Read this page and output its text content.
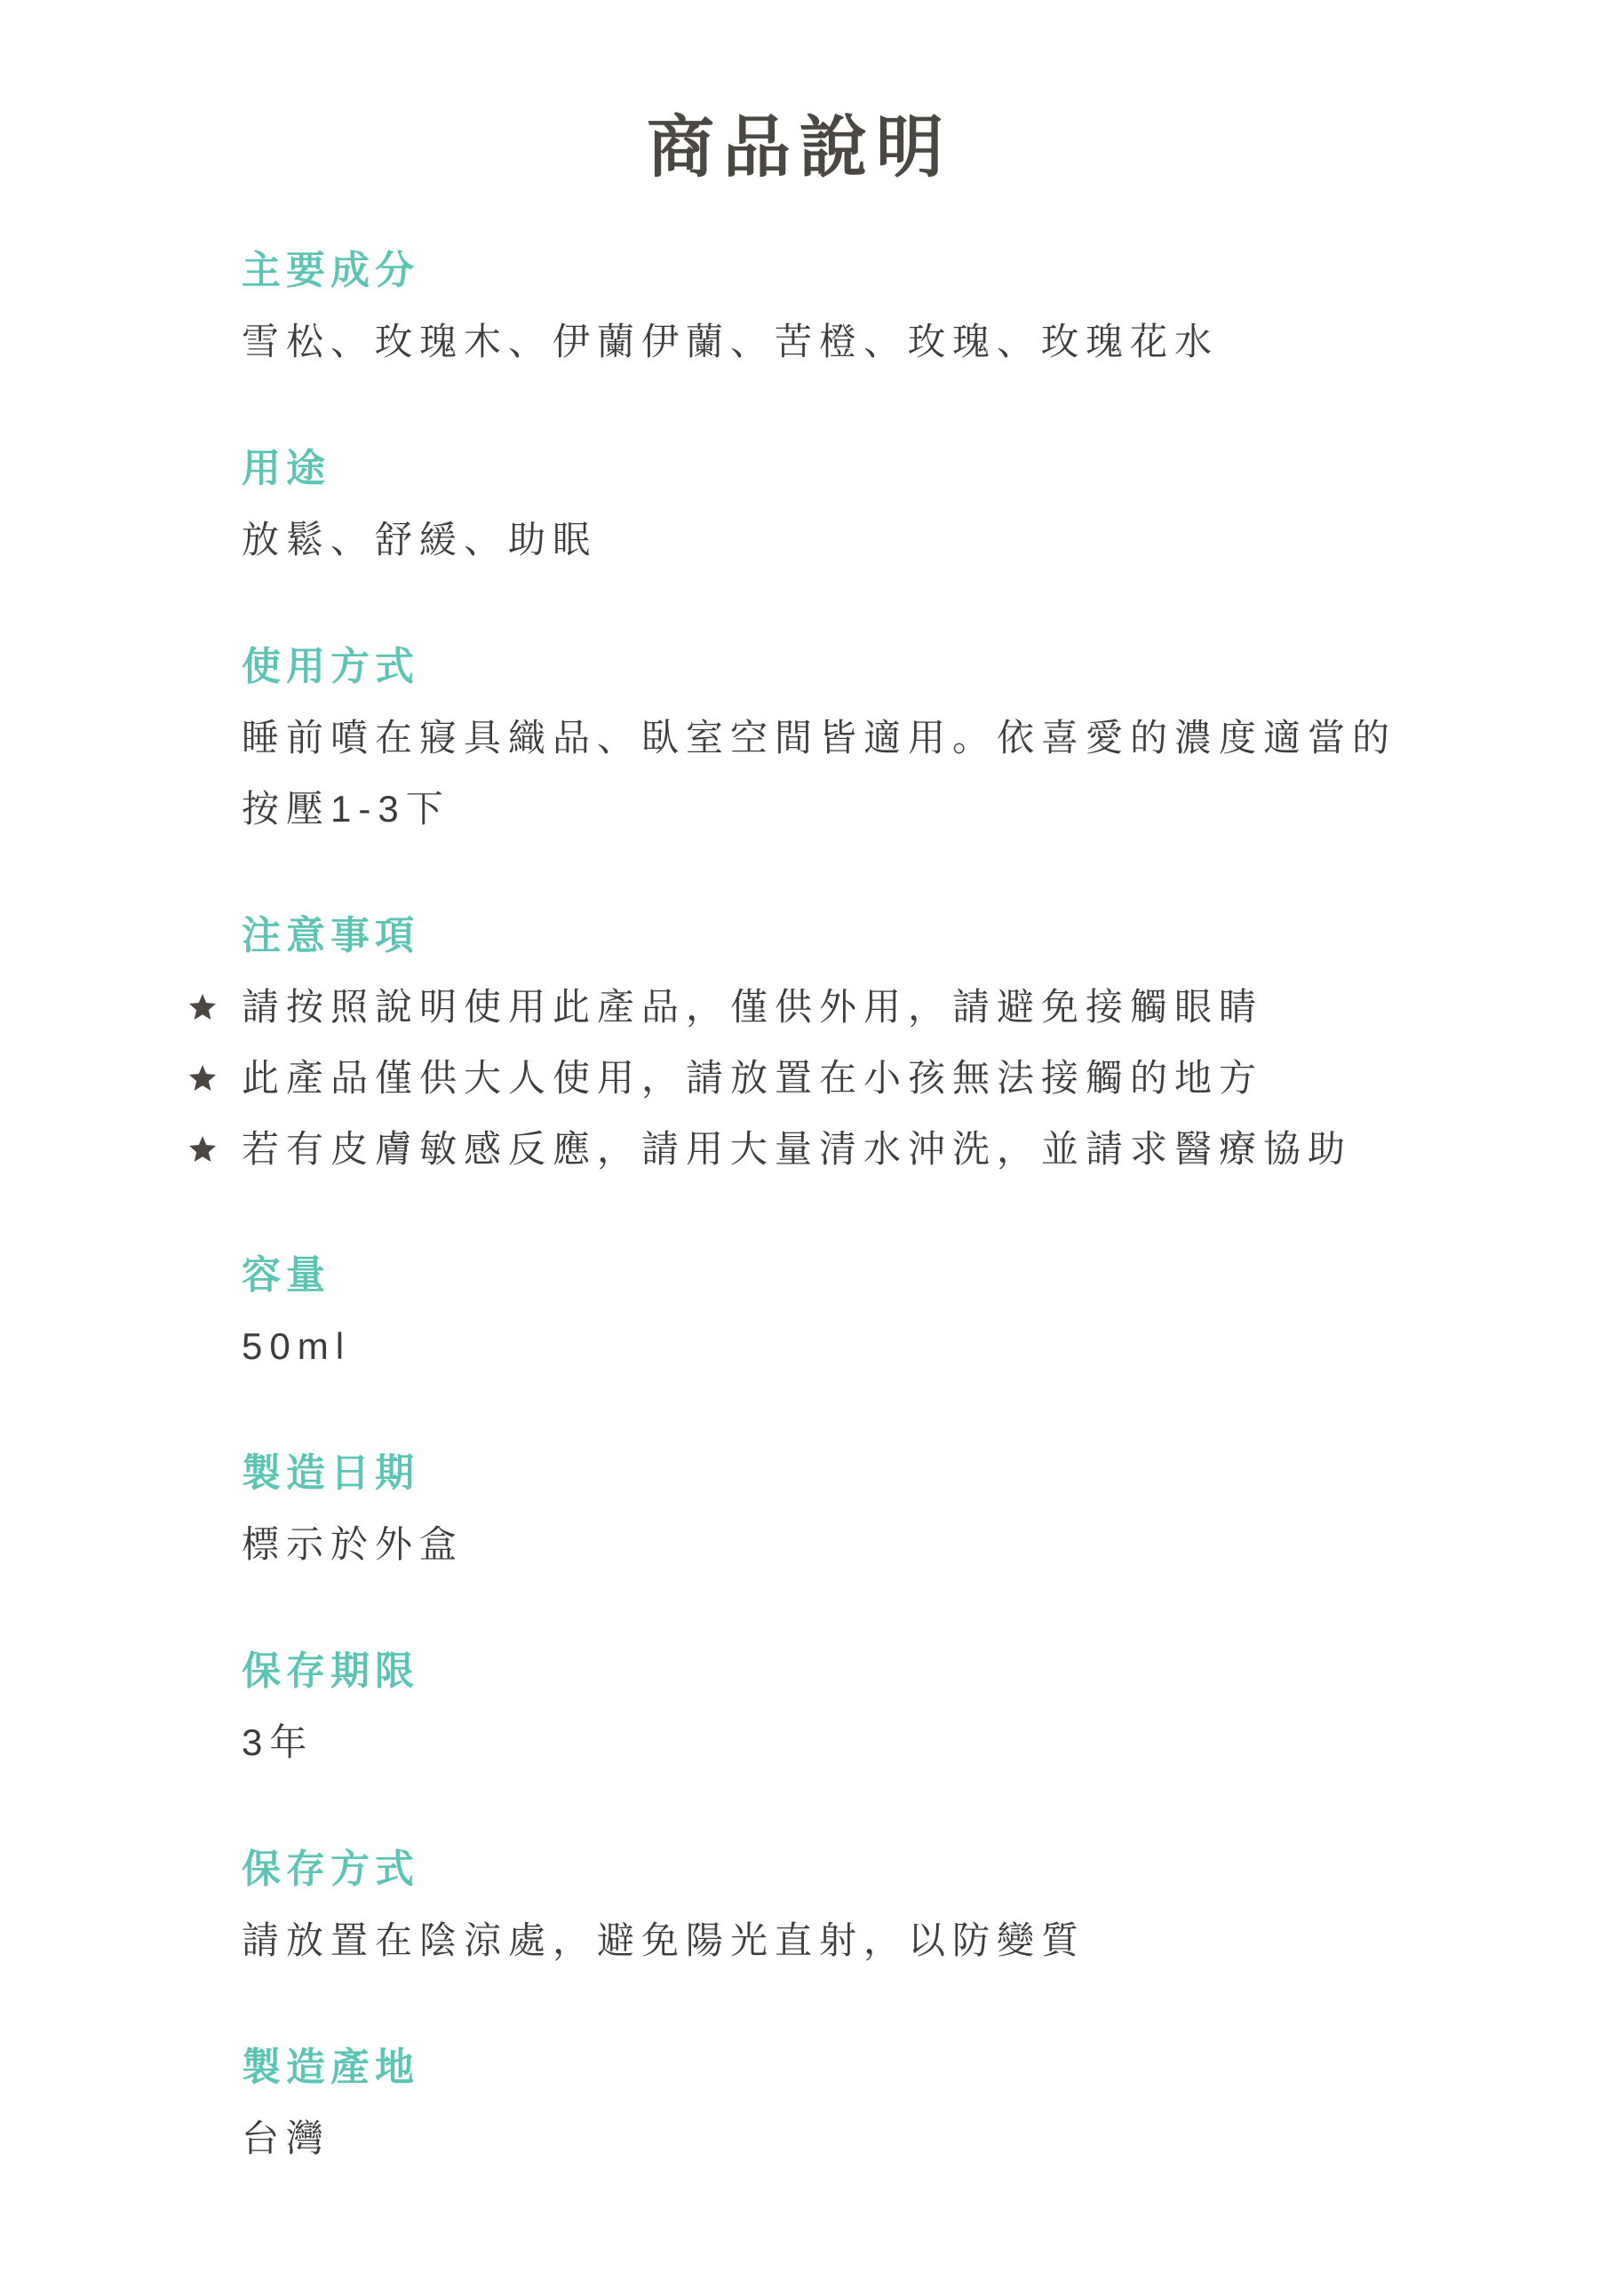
商品說明
主要成分

雪松、玫瑰木、伊蘭伊蘭、苦橙、玫瑰、玫瑰花水

用途

放鬆、舒緩、助眠

使用方式

睡前噴在寢具織品、臥室空間皆適用。依喜愛的濃度適當的按壓1-3下

注意事項
請按照說明使用此產品，僅供外用，請避免接觸眼睛
此產品僅供大人使用，請放置在小孩無法接觸的地方
若有皮膚敏感反應，請用大量清水沖洗，並請求醫療協助
容量

50ml

製造日期

標示於外盒

保存期限

3年

保存方式

請放置在陰涼處，避免陽光直射，以防變質

製造產地

台灣
